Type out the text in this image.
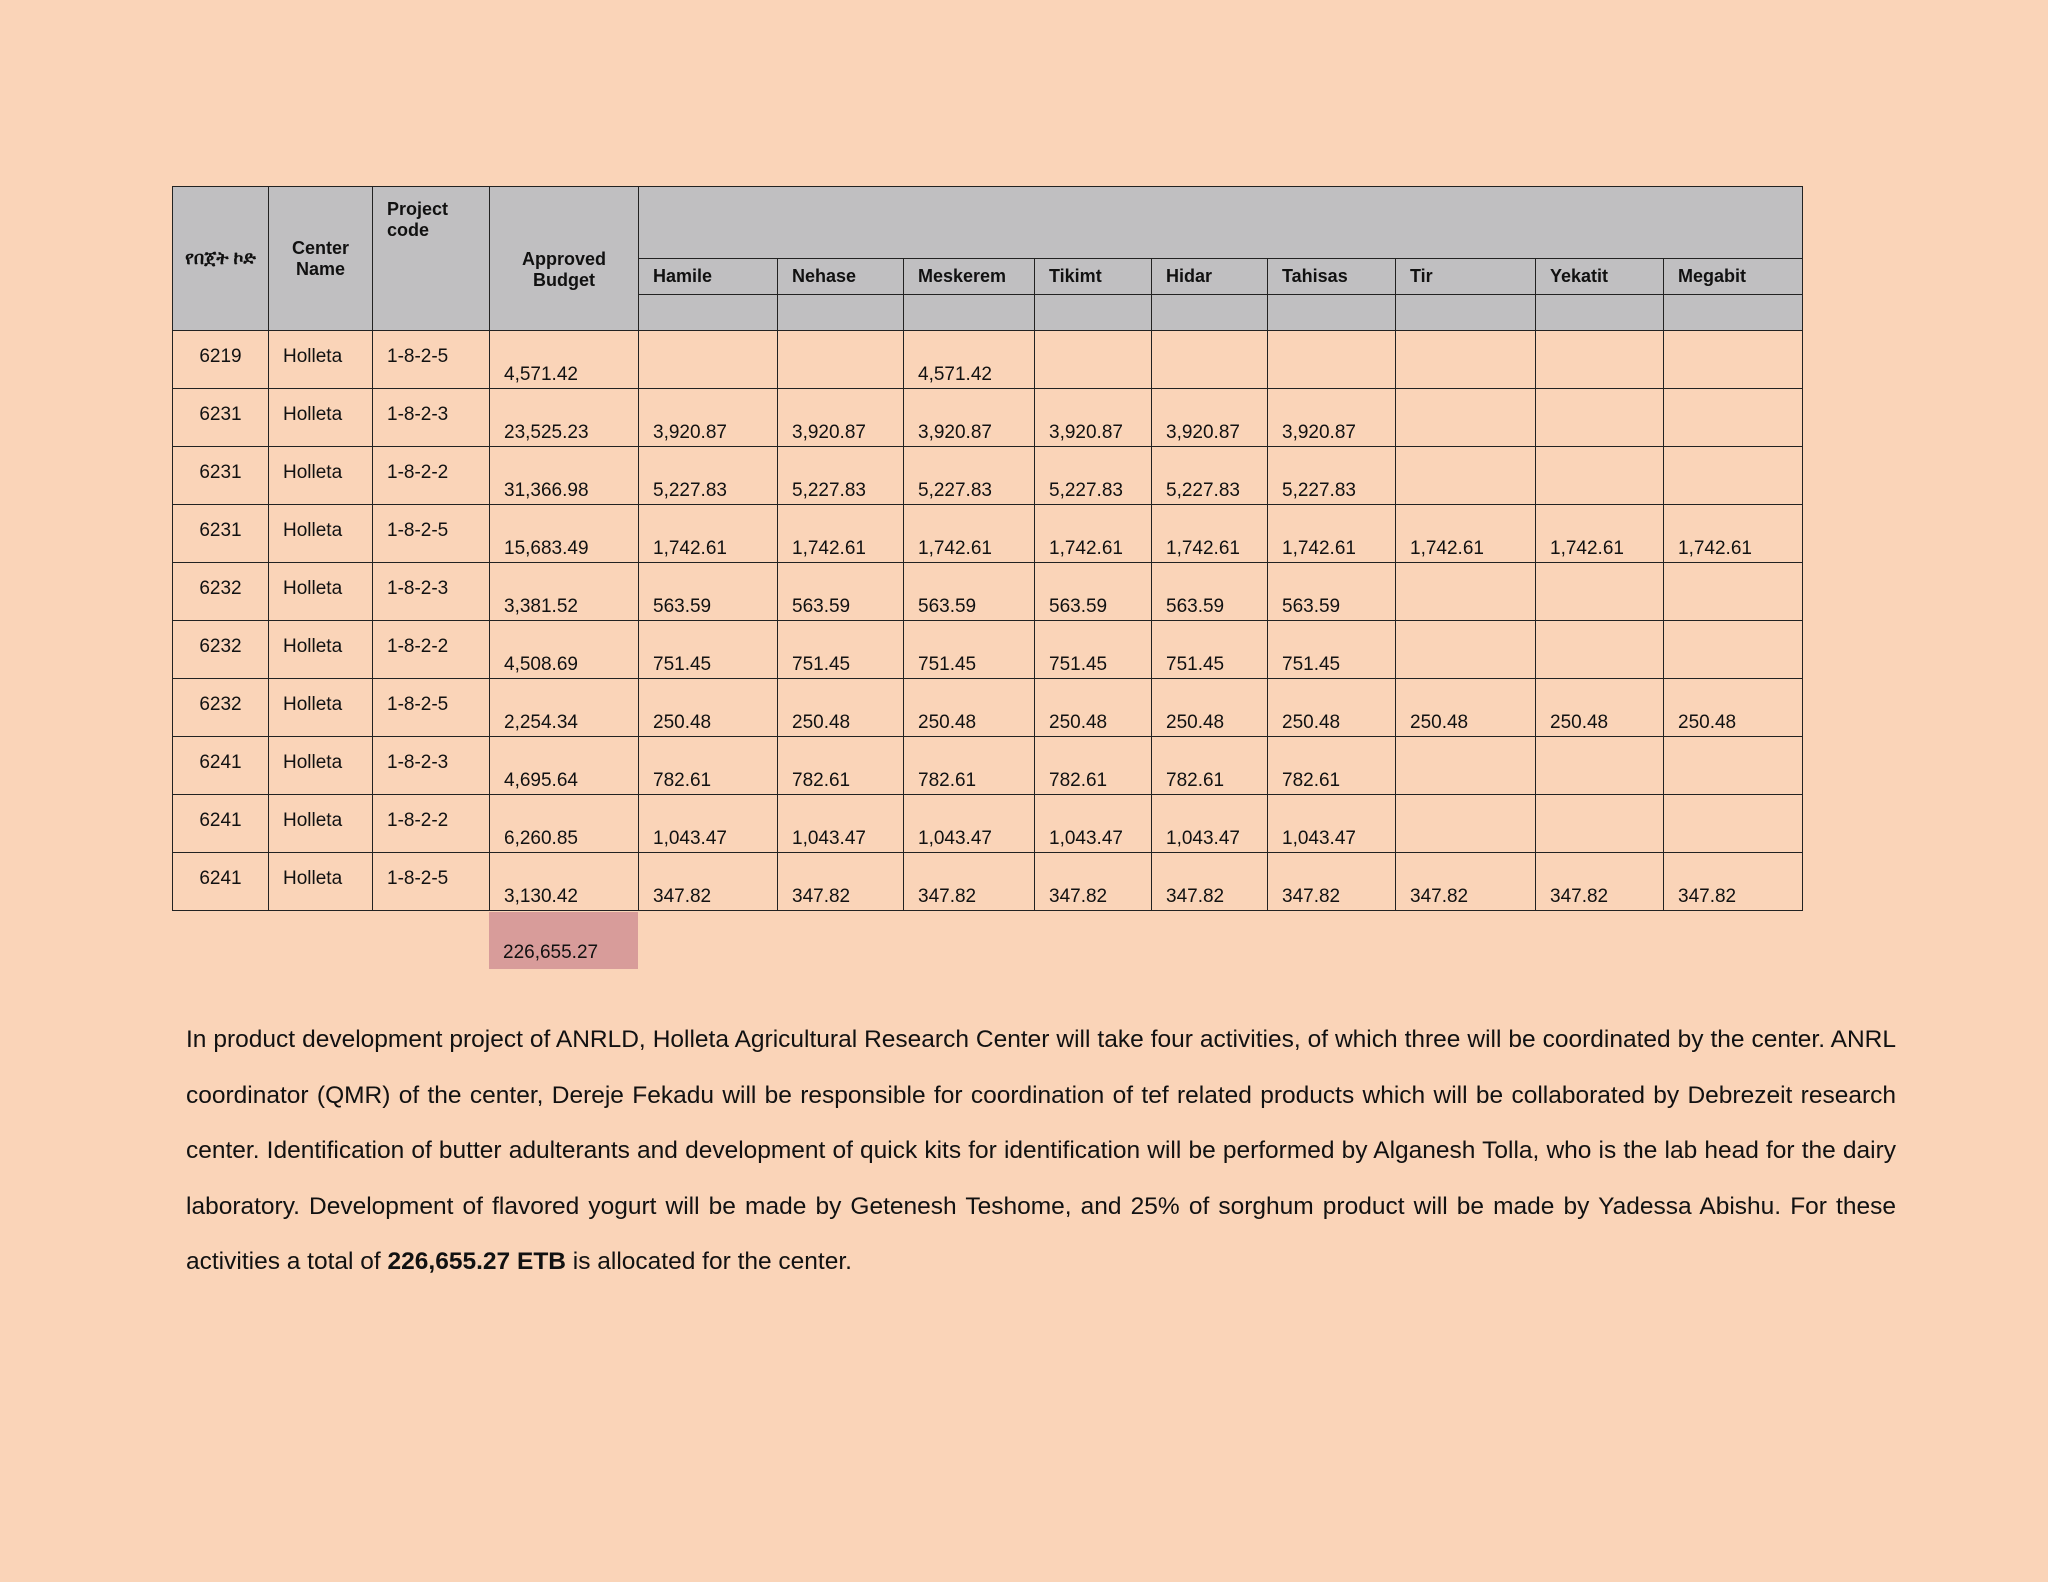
የበጀት ኮድ	Center Name	Project code	Approved Budget									
				Hamile	Nehase	Meskerem	Tikimt	Hidar	Tahisas	Tir	Yekatit	Megabit

6219	Holleta	1-8-2-5	4,571.42			4,571.42						
6231	Holleta	1-8-2-3	23,525.23	3,920.87	3,920.87	3,920.87	3,920.87	3,920.87	3,920.87			
6231	Holleta	1-8-2-2	31,366.98	5,227.83	5,227.83	5,227.83	5,227.83	5,227.83	5,227.83			
6231	Holleta	1-8-2-5	15,683.49	1,742.61	1,742.61	1,742.61	1,742.61	1,742.61	1,742.61	1,742.61	1,742.61	1,742.61
6232	Holleta	1-8-2-3	3,381.52	563.59	563.59	563.59	563.59	563.59	563.59			
6232	Holleta	1-8-2-2	4,508.69	751.45	751.45	751.45	751.45	751.45	751.45			
6232	Holleta	1-8-2-5	2,254.34	250.48	250.48	250.48	250.48	250.48	250.48	250.48	250.48	250.48
6241	Holleta	1-8-2-3	4,695.64	782.61	782.61	782.61	782.61	782.61	782.61			
6241	Holleta	1-8-2-2	6,260.85	1,043.47	1,043.47	1,043.47	1,043.47	1,043.47	1,043.47			
6241	Holleta	1-8-2-5	3,130.42	347.82	347.82	347.82	347.82	347.82	347.82	347.82	347.82	347.82
226,655.27

In product development project of ANRLD, Holleta Agricultural Research Center will take four activities, of which three will be coordinated by the center. ANRL coordinator (QMR) of the center, Dereje Fekadu will be responsible for coordination of tef related products which will be collaborated by Debrezeit research center. Identification of butter adulterants and development of quick kits for identification will be performed by Alganesh Tolla, who is the lab head for the dairy laboratory. Development of flavored yogurt will be made by Getenesh Teshome, and 25% of sorghum product will be made by Yadessa Abishu. For these activities a total of 226,655.27 ETB is allocated for the center.
